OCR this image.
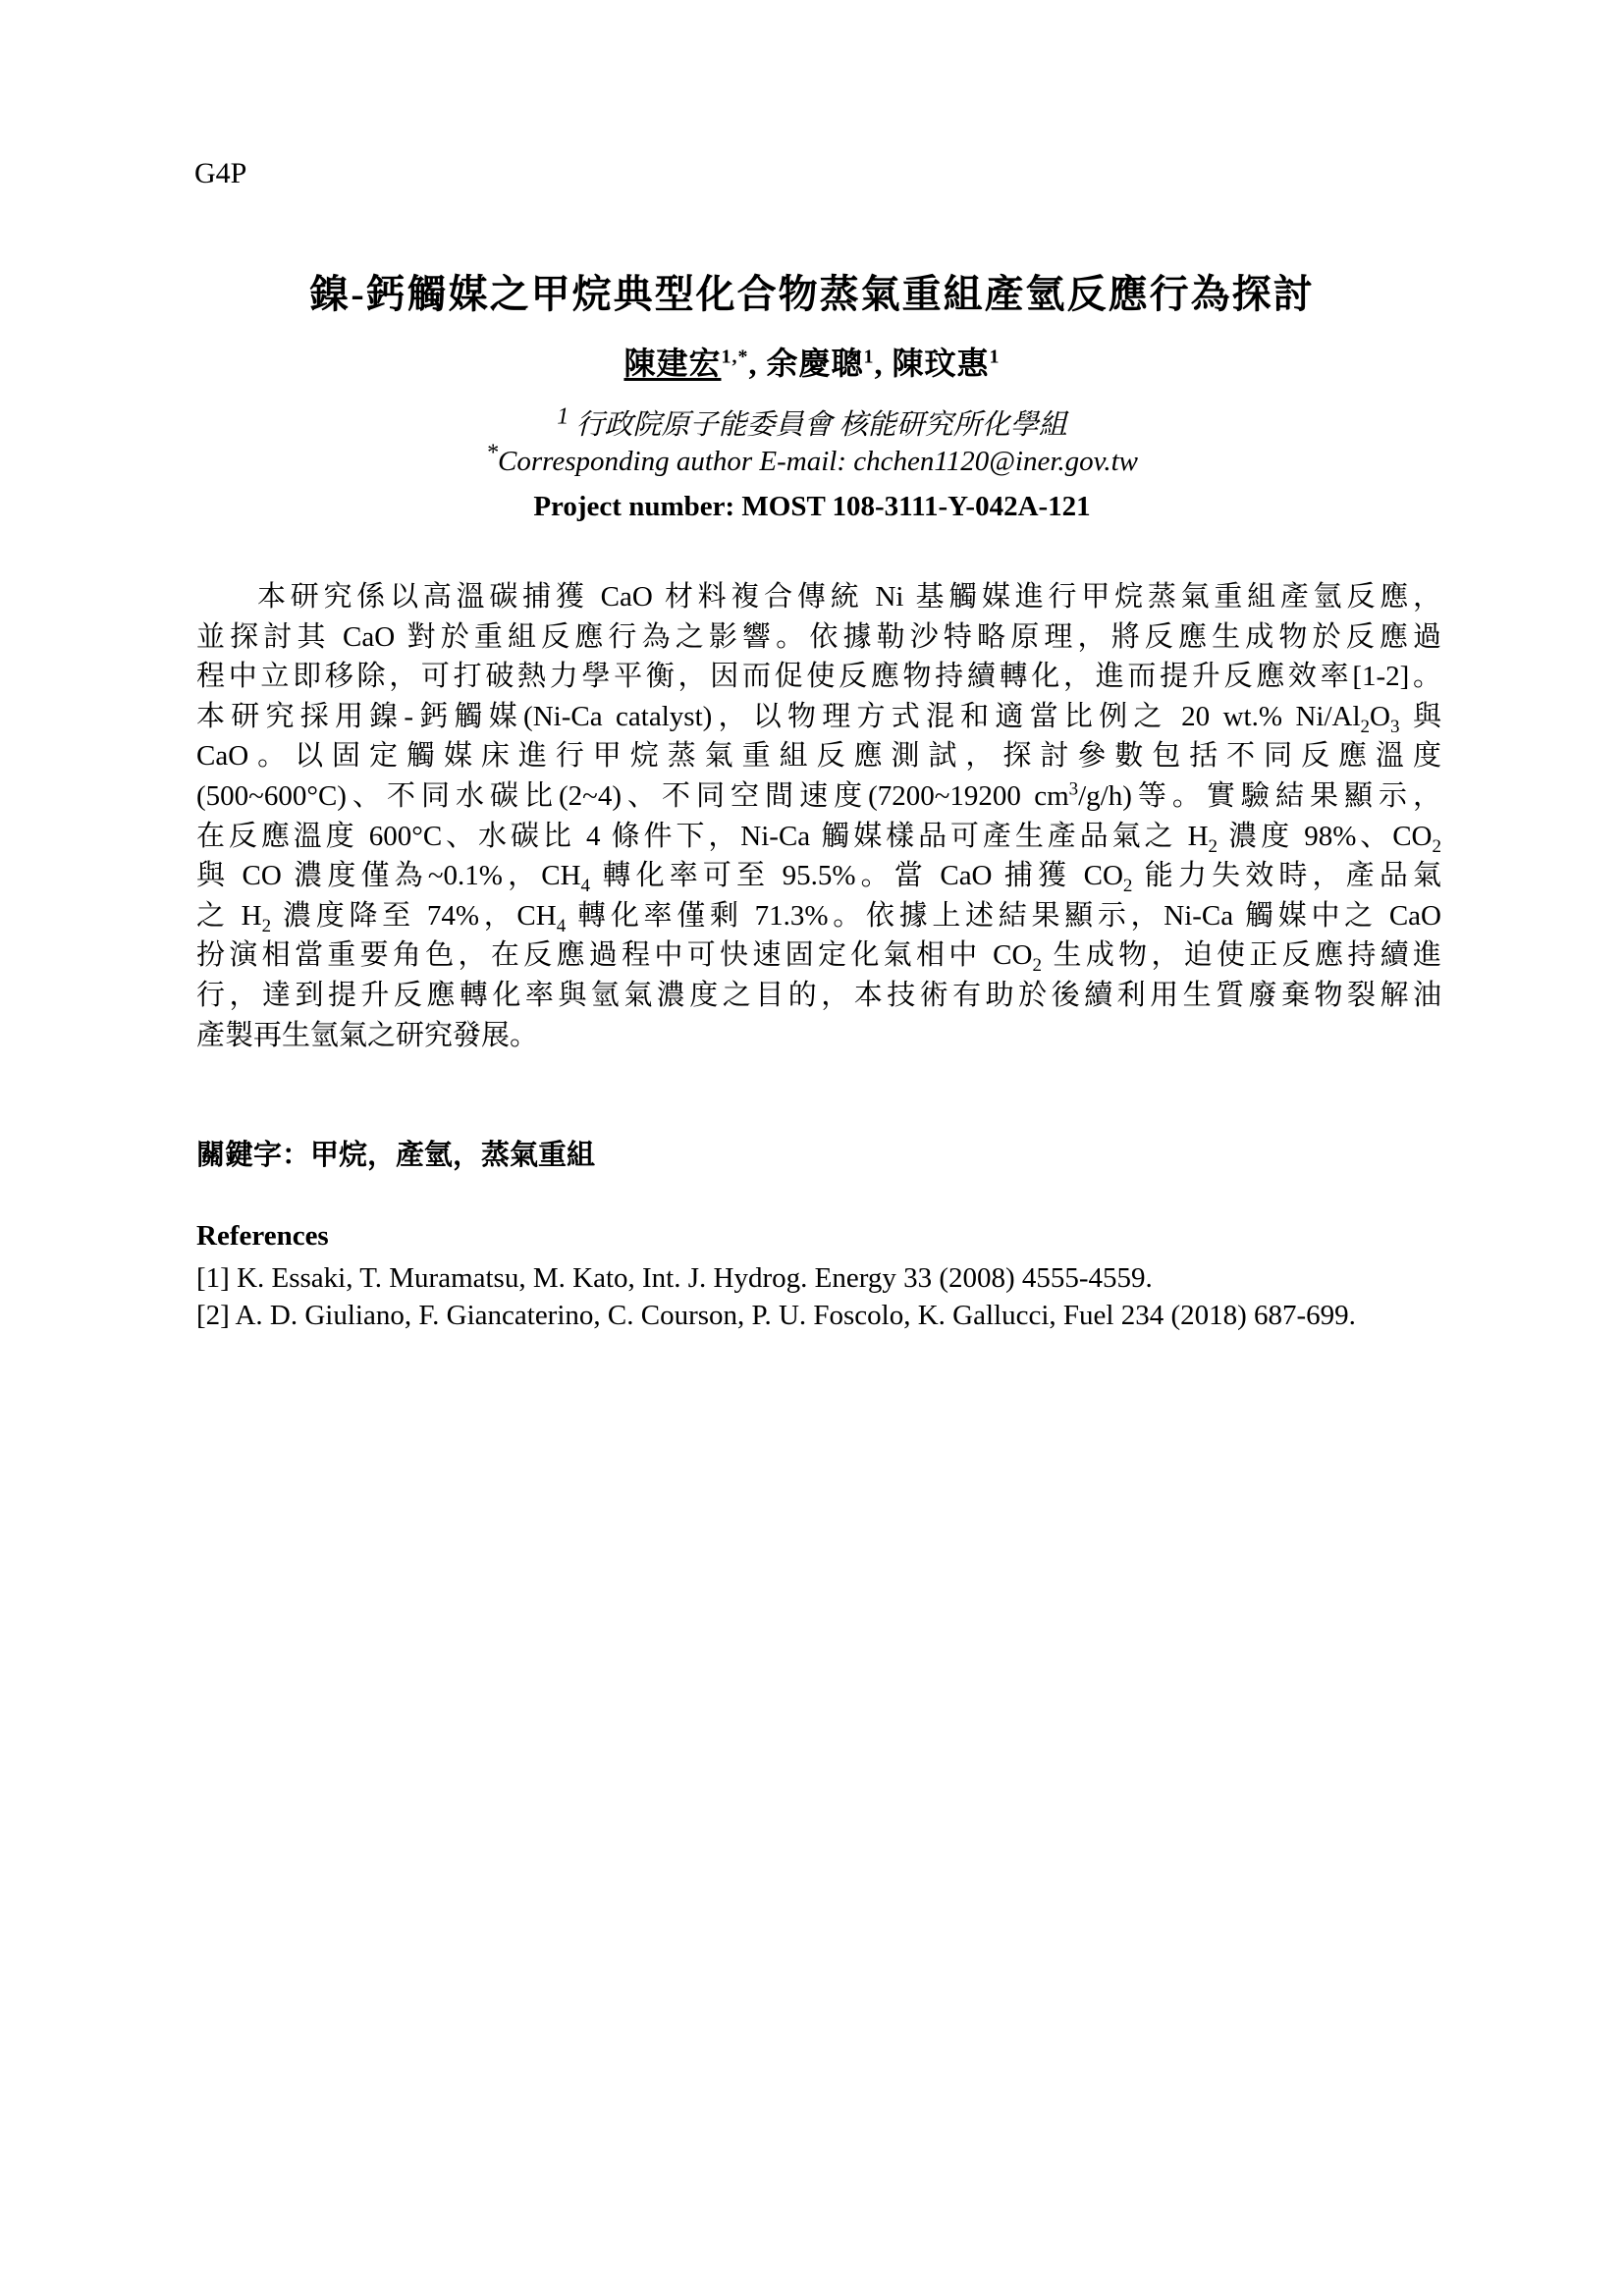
G4P
鎳-鈣觸媒之甲烷典型化合物蒸氣重組產氫反應行為探討
陳建宏$^{1,*}$, 余慶聰$^1$, 陳玟惠$^1$
$^1$ 行政院原子能委員會 核能研究所化學組
*Corresponding author E-mail: chchen1120@iner.gov.tw
Project number: MOST 108-3111-Y-042A-121
本研究係以高溫碳捕獲 CaO 材料複合傳統 Ni 基觸媒進行甲烷蒸氣重組產氫反應，
並探討其 CaO 對於重組反應行為之影響。依據勒沙特略原理，將反應生成物於反應過
程中立即移除，可打破熱力學平衡，因而促使反應物持續轉化，進而提升反應效率[1-2]。
本研究採用鎳-鈣觸媒(Ni-Ca catalyst)，以物理方式混和適當比例之 20 wt.% $Ni/Al_2O_3$ 與
CaO。以固定觸媒床進行甲烷蒸氣重組反應測試，探討參數包括不同反應溫度
(500~600°C)、不同水碳比(2~4)、不同空間速度(7200~19200 $cm^3/g/h$)等。實驗結果顯示，
在反應溫度 600°C、水碳比 4 條件下，Ni-Ca 觸媒樣品可產生產品氣之 $H_2$ 濃度 98%、$CO_2$
與 CO 濃度僅為~0.1%，$CH_4$ 轉化率可至 95.5%。當 CaO 捕獲 $CO_2$ 能力失效時，產品氣
之 $H_2$ 濃度降至 74%，$CH_4$ 轉化率僅剩 71.3%。依據上述結果顯示，Ni-Ca 觸媒中之 CaO
扮演相當重要角色，在反應過程中可快速固定化氣相中 $CO_2$ 生成物，迫使正反應持續進
行，達到提升反應轉化率與氫氣濃度之目的，本技術有助於後續利用生質廢棄物裂解油
產製再生氫氣之研究發展。
關鍵字：甲烷，產氫，蒸氣重組
References
[1] K. Essaki, T. Muramatsu, M. Kato, Int. J. Hydrog. Energy 33 (2008) 4555-4559.
[2] A. D. Giuliano, F. Giancaterino, C. Courson, P. U. Foscolo, K. Gallucci, Fuel 234 (2018) 687-699.
